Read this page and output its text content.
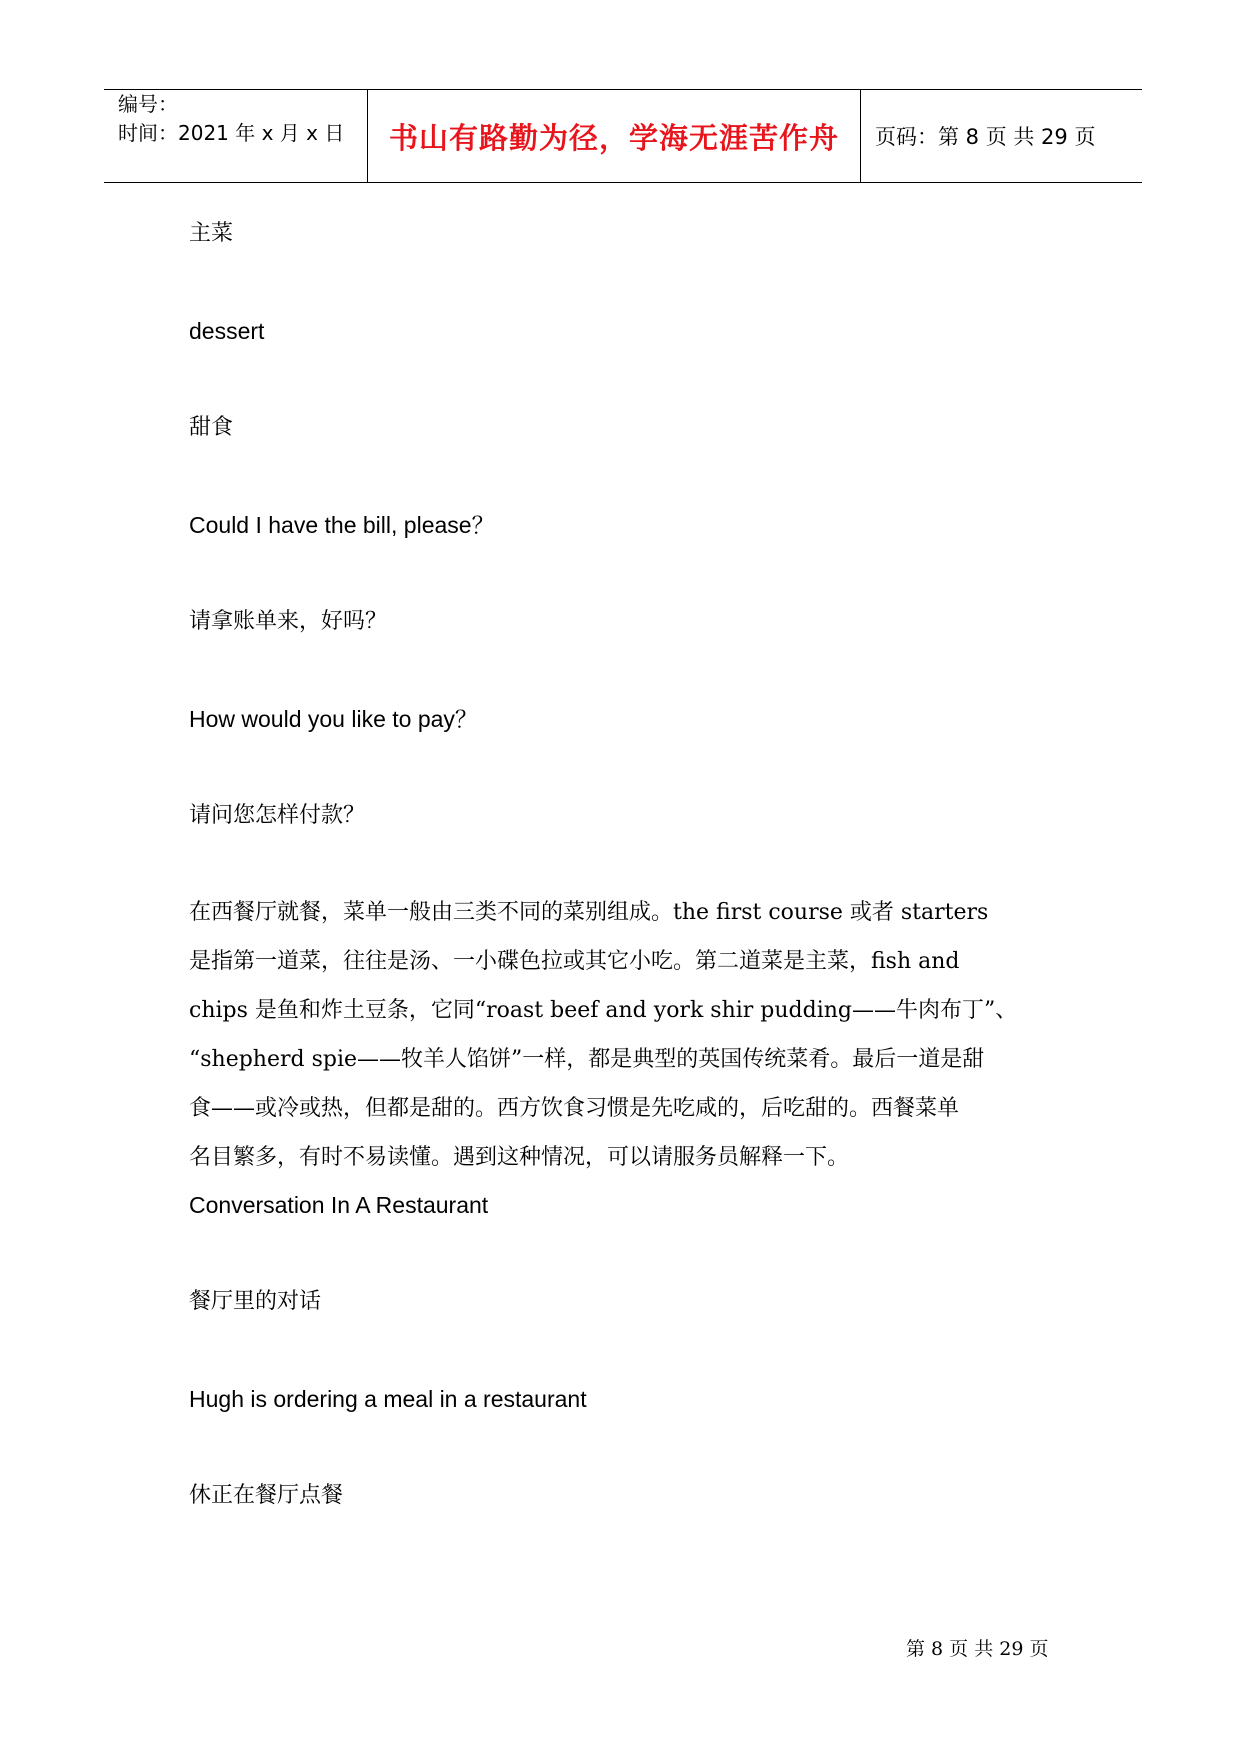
编号：
时间：2021 年 x 月 x 日 书山有路勤为径，学海无涯苦作舟 页码：第 8 页 共 29 页
主菜
dessert
甜食
Could I have the bill, please？
请拿账单来，好吗？
How would you like to pay？
请问您怎样付款？
在西餐厅就餐，菜单一般由三类不同的菜别组成。the first course 或者 starters
是指第一道菜，往往是汤、一小碟色拉或其它小吃。第二道菜是主菜，fish and
chips 是鱼和炸土豆条，它同“roast beef and york shir pudding——牛肉布丁”、
“shepherd spie——牧羊人馅饼”一样，都是典型的英国传统菜肴。最后一道是甜
食——或冷或热，但都是甜的。西方饮食习惯是先吃咸的，后吃甜的。西餐菜单
名目繁多，有时不易读懂。遇到这种情况，可以请服务员解释一下。
Conversation In A Restaurant
餐厅里的对话
Hugh is ordering a meal in a restaurant
休正在餐厅点餐
第 8 页 共 29 页
